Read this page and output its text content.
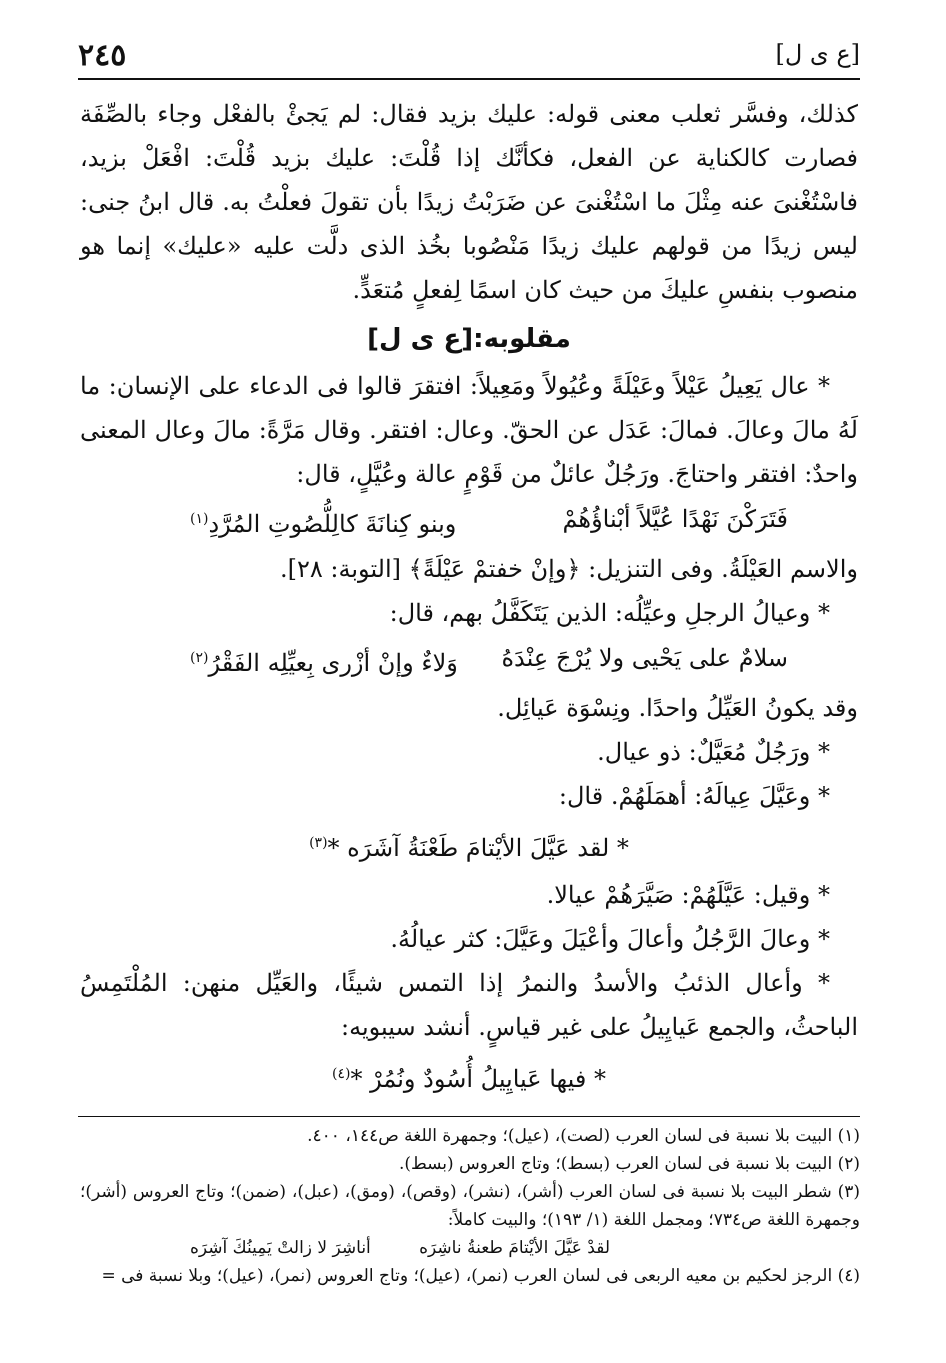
٢٤٥	[ع ى ل]

كذلك، وفسَّر ثعلب معنى قوله: عليك بزيد فقال: لم يَجئْ بالفعْل وجاء بالصِّفَة فصارت كالكناية عن الفعل، فكأنَّك إذا قُلْتَ: عليك بزيد قُلْتَ: افْعَلْ بزيد، فاسْتُغْنىَ عنه مِثْلَ ما اسْتُغْنىَ عن ضَرَبْتُ زيدًا بأن تقولَ فعلْتُ به. قال ابنُ جنى: ليس زيدًا من قولهم عليك زيدًا مَنْصُوبا بخُذ الذى دلَّت عليه «عليك» إنما هو منصوب بنفسِ عليكَ من حيث كان اسمًا لِفعلٍ مُتعَدٍّ.

مقلوبه:[ع ى ل]

* عال يَعِيلُ عَيْلاً وعَيْلَةً وعُيُولاً ومَعِيلاً: افتقرَ قالوا فى الدعاء على الإنسان: ما لَهُ مالَ وعالَ. فمالَ: عَدَل عن الحقّ. وعال: افتقر. وقال مَرَّةً: مالَ وعال المعنى واحدٌ: افتقر واحتاجَ. ورَجُلٌ عائلٌ من قَوْمٍ عالة وعُيَّلٍ، قال:

فَتَرَكْنَ نَهْدًا عُيَّلاً أبْناؤُهُمْ
وبنو كِنانَةَ كالِلُّصُوتِ المُرَّدِ$^{(١)}$

والاسم العَيْلَةُ. وفى التنزيل: ﴿وإنْ خفتمْ عَيْلَةً﴾ [التوبة: ٢٨].

* وعيالُ الرجلِ وعيِّلُه: الذين يَتَكَفَّلُ بهم، قال:

سلامٌ على يَحْيى ولا يُرْجَ عِنْدَهُ
وَلاءٌ وإنْ أزْرى بِعيِّلِه الفَقْرُ$^{(٢)}$

وقد يكونُ العَيِّلُ واحدًا. ونِسْوَة عَيائِل.

* ورَجُلٌ مُعَيَّلٌ: ذو عيال.

* وعَيَّلَ عِيالَهُ: أهمَلَهُمْ. قال:

* لقد عَيَّلَ الأيْتامَ طَعْنَةُ آشَرَه *$^{(٣)}$

* وقيل: عَيَّلَهُمْ: صَيَّرَهُمْ عيالا.

* وعالَ الرَّجُلُ وأعالَ وأعْيَلَ وعَيَّلَ: كثر عيالُهُ.

* وأعال الذئبُ والأسدُ والنمرُ إذا التمس شيئًا، والعَيِّل منهن: المُلْتَمِسُ الباحثُ، والجمع عَيايِيلُ على غير قياسٍ. أنشد سيبويه:

* فيها عَيايِيلُ أُسُودٌ ونُمُرْ *$^{(٤)}$

(١) البيت بلا نسبة فى لسان العرب (لصت)، (عيل)؛ وجمهرة اللغة ص١٤٤، ٤٠٠.

(٢) البيت بلا نسبة فى لسان العرب (بسط)؛ وتاج العروس (بسط).

(٣) شطر البيت بلا نسبة فى لسان العرب (أشر)، (نشر)، (وقص)، (ومق)، (عبل)، (ضمن)؛ وتاج العروس (أشر)؛ وجمهرة اللغة ص٧٣٤؛ ومجمل اللغة (١/ ١٩٣)؛ والبيت كاملاً:

لقدْ عَيَّلَ الأيْتامَ طعنةُ ناشِرَه
أناشِرَ لا زالتْ يَمِينُكَ آشِرَه

(٤) الرجز لحكيم بن معيه الربعى فى لسان العرب (نمر)، (عيل)؛ وتاج العروس (نمر)، (عيل)؛ وبلا نسبة فى =
